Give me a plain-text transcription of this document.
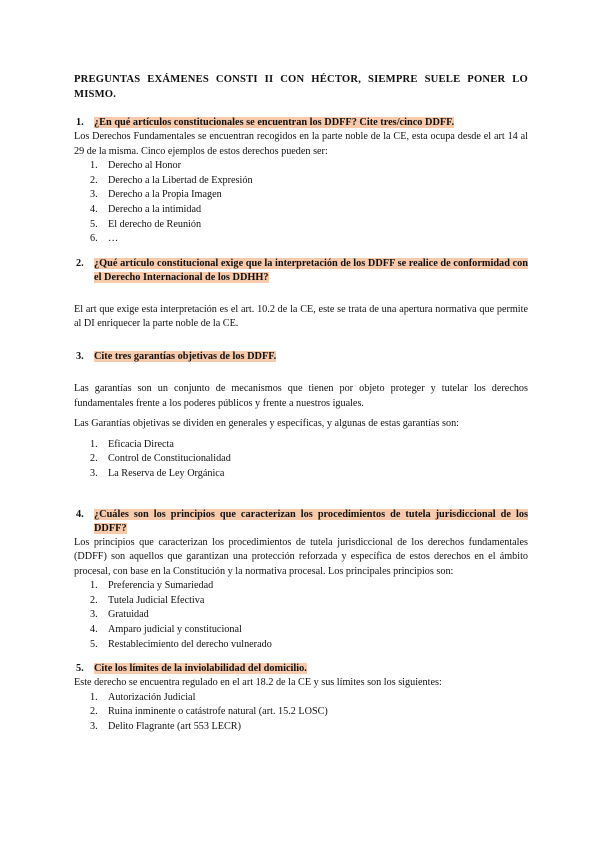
PREGUNTAS EXÁMENES CONSTI II CON HÉCTOR, SIEMPRE SUELE PONER LO MISMO.
1. ¿En qué artículos constitucionales se encuentran los DDFF? Cite tres/cinco DDFF.

Los Derechos Fundamentales se encuentran recogidos en la parte noble de la CE, esta ocupa desde el art 14 al 29 de la misma. Cinco ejemplos de estos derechos pueden ser:

1.	Derecho al Honor
2.	Derecho a la Libertad de Expresión
3.	Derecho a la Propia Imagen
4.	Derecho a la intimidad
5.	El derecho de Reunión
6.	…
2. ¿Qué artículo constitucional exige que la interpretación de los DDFF se realice de conformidad con el Derecho Internacional de los DDHH?

El art que exige esta interpretación es el art. 10.2 de la CE, este se trata de una apertura normativa que permite al DI enriquecer la parte noble de la CE.

3. Cite tres garantías objetivas de los DDFF.

Las garantías son un conjunto de mecanismos que tienen por objeto proteger y tutelar los derechos fundamentales frente a los poderes públicos y frente a nuestros iguales.

Las Garantías objetivas se dividen en generales y específicas, y algunas de estas garantías son:

1.	Eficacia Directa
2.	Control de Constitucionalidad
3.	La Reserva de Ley Orgánica
4. ¿Cuáles son los principios que caracterizan los procedimientos de tutela jurisdiccional de los DDFF?

Los principios que caracterizan los procedimientos de tutela jurisdiccional de los derechos fundamentales (DDFF) son aquellos que garantizan una protección reforzada y específica de estos derechos en el ámbito procesal, con base en la Constitución y la normativa procesal. Los principales principios son:

1.	Preferencia y Sumariedad
2.	Tutela Judicial Efectiva
3.	Gratuidad
4.	Amparo judicial y constitucional
5.	Restablecimiento del derecho vulnerado
5. Cite los límites de la inviolabilidad del domicilio.

Este derecho se encuentra regulado en el art 18.2 de la CE y sus límites son los siguientes:

1.	Autorización Judicial
2.	Ruina inminente o catástrofe natural (art. 15.2 LOSC)
3.	Delito Flagrante (art 553 LECR)
